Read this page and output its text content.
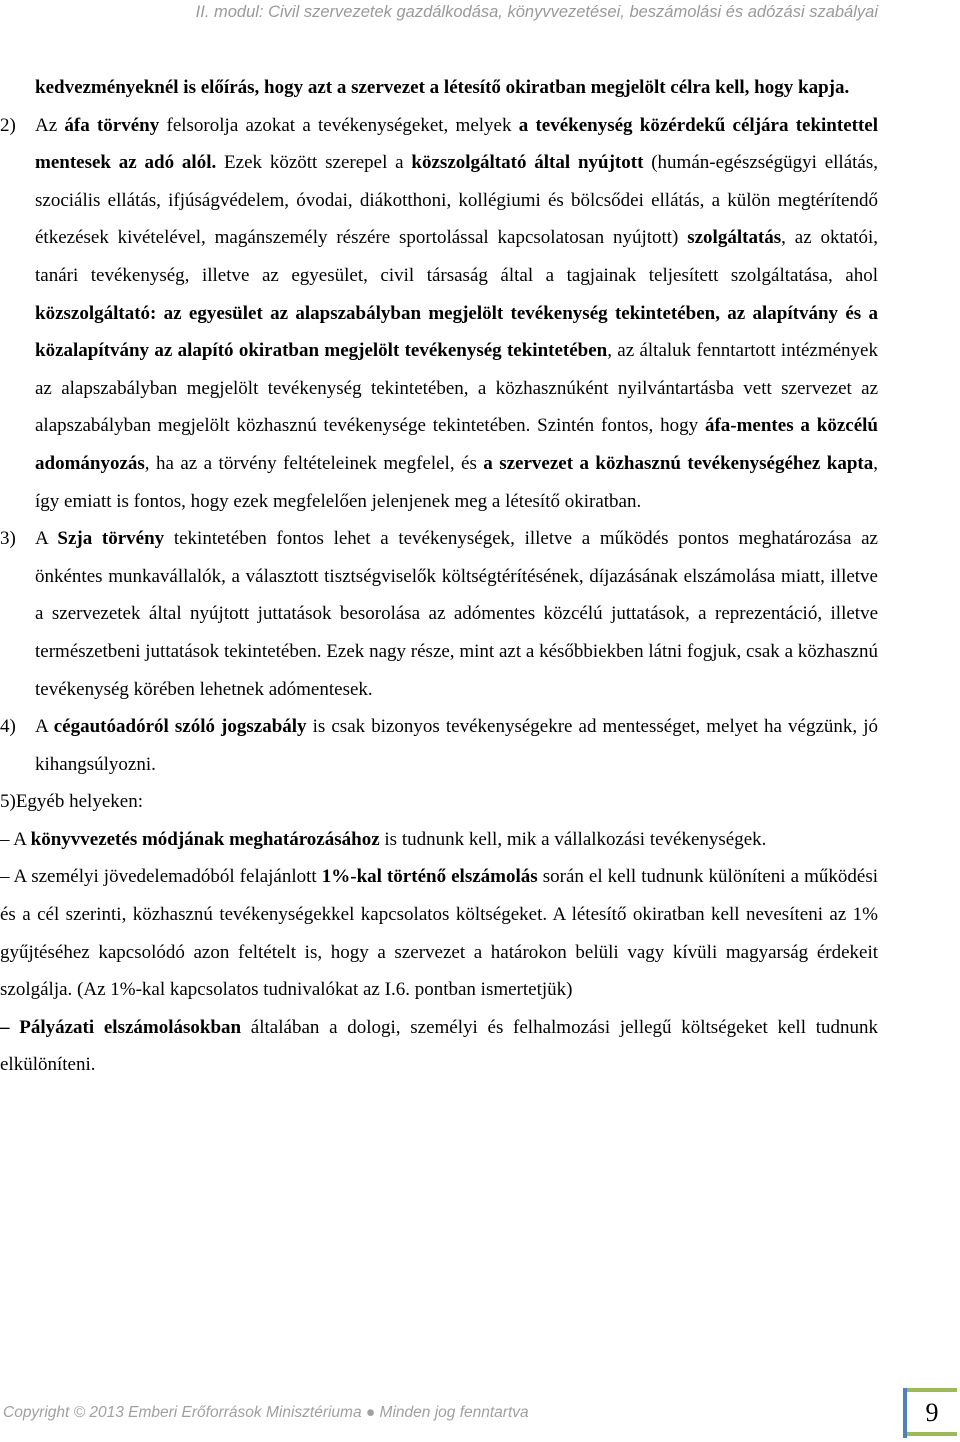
II. modul: Civil szervezetek gazdálkodása, könyvvezetései, beszámolási és adózási szabályai

kedvezményeknél is előírás, hogy azt a szervezet a létesítő okiratban megjelölt célra kell, hogy kapja.

2) Az áfa törvény felsorolja azokat a tevékenységeket, melyek a tevékenység közérdekű céljára tekintettel mentesek az adó alól. Ezek között szerepel a közszolgáltató által nyújtott (humán-egészségügyi ellátás, szociális ellátás, ifjúságvédelem, óvodai, diákotthoni, kollégiumi és bölcsődei ellátás, a külön megtérítendő étkezések kivételével, magánszemély részére sportolással kapcsolatosan nyújtott) szolgáltatás, az oktatói, tanári tevékenység, illetve az egyesület, civil társaság által a tagjainak teljesített szolgáltatása, ahol közszolgáltató: az egyesület az alapszabályban megjelölt tevékenység tekintetében, az alapítvány és a közalapítvány az alapító okiratban megjelölt tevékenység tekintetében, az általuk fenntartott intézmények az alapszabályban megjelölt tevékenység tekintetében, a közhasznúként nyilvántartásba vett szervezet az alapszabályban megjelölt közhasznú tevékenysége tekintetében. Szintén fontos, hogy áfa-mentes a közcélú adományozás, ha az a törvény feltételeinek megfelel, és a szervezet a közhasznú tevékenységéhez kapta, így emiatt is fontos, hogy ezek megfelelően jelenjenek meg a létesítő okiratban.

3) A Szja törvény tekintetében fontos lehet a tevékenységek, illetve a működés pontos meghatározása az önkéntes munkavállalók, a választott tisztségviselők költségtérítésének, díjazásának elszámolása miatt, illetve a szervezetek által nyújtott juttatások besorolása az adómentes közcélú juttatások, a reprezentáció, illetve természetbeni juttatások tekintetében. Ezek nagy része, mint azt a későbbiekben látni fogjuk, csak a közhasznú tevékenység körében lehetnek adómentesek.

4) A cégautóadóról szóló jogszabály is csak bizonyos tevékenységekre ad mentességet, melyet ha végzünk, jó kihangsúlyozni.

5)Egyéb helyeken:

– A könyvvezetés módjának meghatározásához is tudnunk kell, mik a vállalkozási tevékenységek.

– A személyi jövedelemadóból felajánlott 1%-kal történő elszámolás során el kell tudnunk különíteni a működési és a cél szerinti, közhasznú tevékenységekkel kapcsolatos költségeket. A létesítő okiratban kell nevesíteni az 1% gyűjtéséhez kapcsolódó azon feltételt is, hogy a szervezet a határokon belüli vagy kívüli magyarság érdekeit szolgálja. (Az 1%-kal kapcsolatos tudnivalókat az I.6. pontban ismertetjük)

– Pályázati elszámolásokban általában a dologi, személyi és felhalmozási jellegű költségeket kell tudnunk elkülöníteni.

Copyright © 2013 Emberi Erőforrások Minisztériuma ● Minden jog fenntartva	9
